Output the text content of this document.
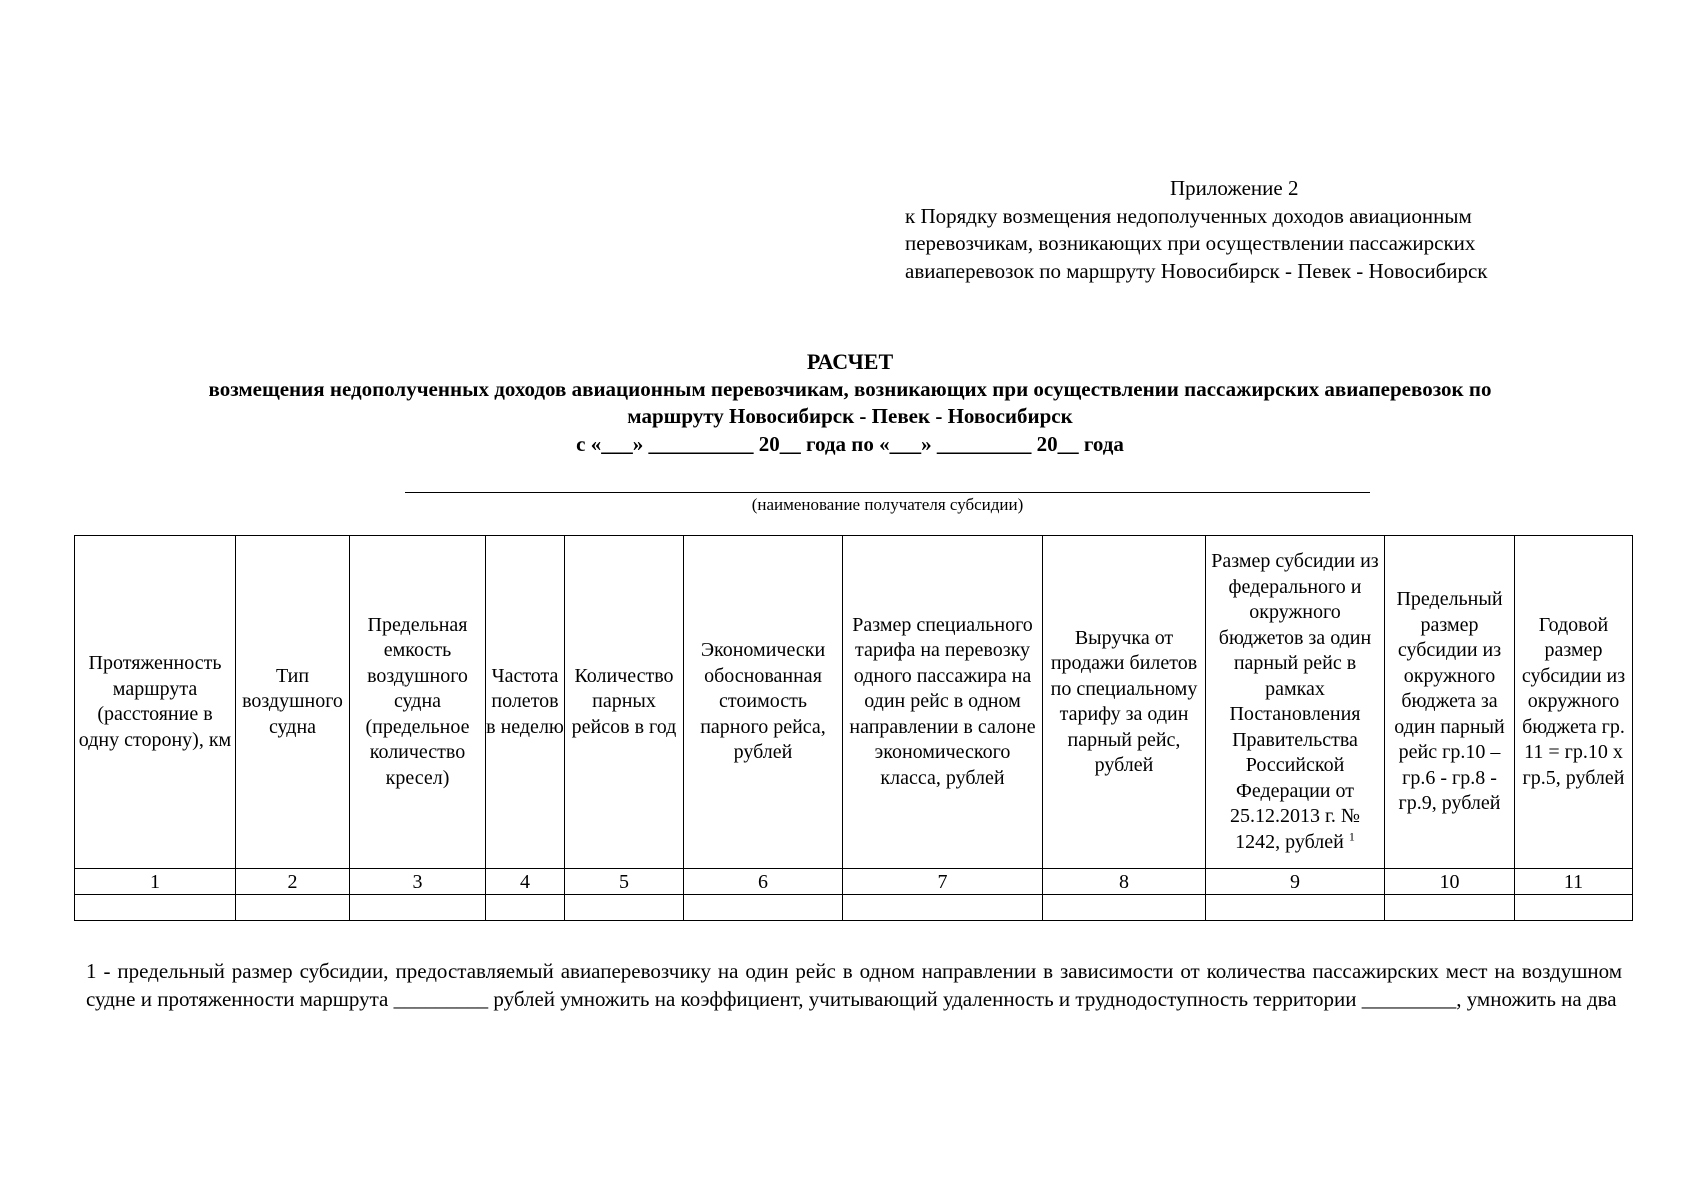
Приложение 2
к Порядку возмещения недополученных доходов авиационным
перевозчикам, возникающих при осуществлении пассажирских
авиаперевозок по маршруту Новосибирск - Певек - Новосибирск
РАСЧЕТ
возмещения недополученных доходов авиационным перевозчикам, возникающих при осуществлении пассажирских авиаперевозок по
маршруту Новосибирск - Певек - Новосибирск
с «___» __________ 20__ года по «___» _________ 20__ года
(наименование получателя субсидии)
Протяженность маршрута (расстояние в одну сторону), км	Тип воздушного судна	Предельная емкость воздушного судна (предельное количество кресел)	Частота полетов в неделю	Количество парных рейсов в год	Экономически обоснованная стоимость парного рейса, рублей	Размер специального тарифа на перевозку одного пассажира на один рейс в одном направлении в салоне экономического класса, рублей	Выручка от продажи билетов по специальному тарифу за один парный рейс, рублей	Размер субсидии из федерального и окружного бюджетов за один парный рейс в рамках Постановления Правительства Российской Федерации от 25.12.2013 г. № 1242, рублей $^1$	Предельный размер субсидии из окружного бюджета за один парный рейс гр.10 – гр.6 - гр.8 - гр.9, рублей	Годовой размер субсидии из окружного бюджета гр. 11 = гр.10 х гр.5, рублей

1	2	3	4	5	6	7	8	9	10	11

1 - предельный размер субсидии, предоставляемый авиаперевозчику на один рейс в одном направлении в зависимости от количества пассажирских мест на воздушном судне и протяженности маршрута _________ рублей умножить на коэффициент, учитывающий удаленность и труднодоступность территории _________, умножить на два
